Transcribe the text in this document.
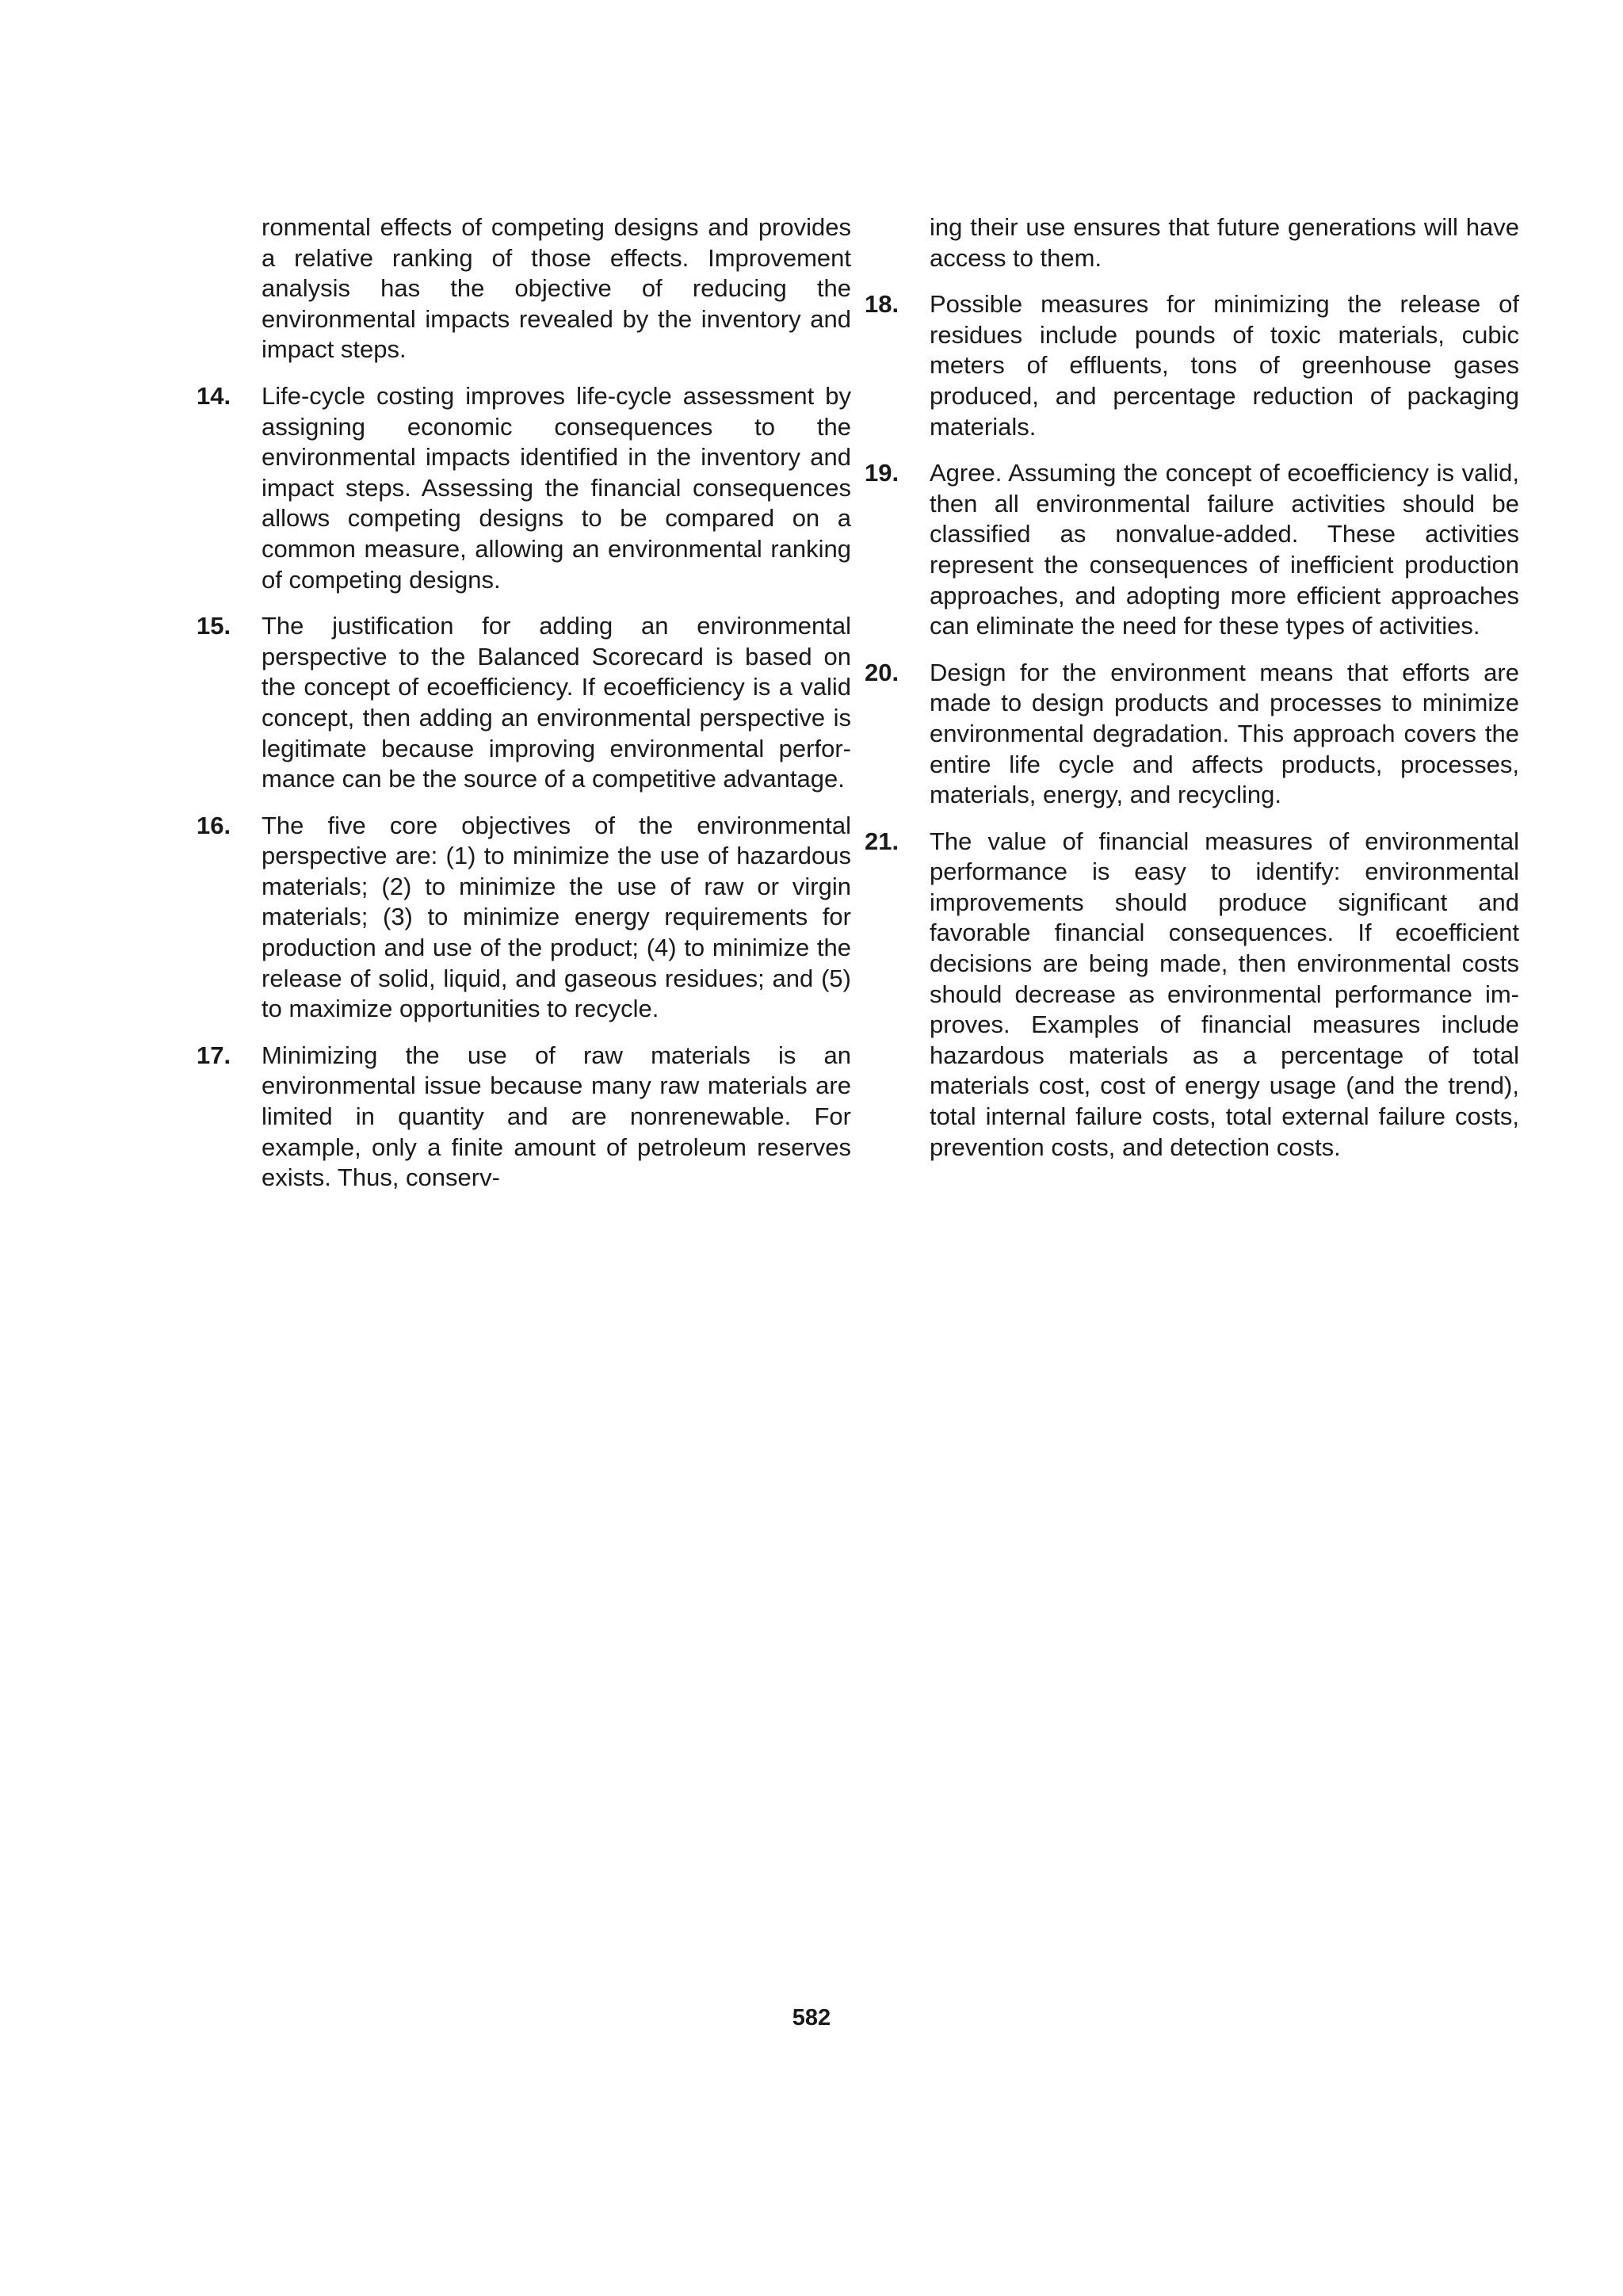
ronmental effects of competing designs and provides a relative ranking of those effects. Improvement analysis has the objective of reducing the environmental impacts revealed by the inventory and impact steps.
14.	Life-cycle costing improves life-cycle assessment by assigning economic consequences to the environmental impacts identified in the inventory and impact steps. Assessing the financial consequences allows competing designs to be compared on a common measure, allowing an environmental ranking of competing designs.
15.	The justification for adding an environmental perspective to the Balanced Scorecard is based on the concept of ecoefficiency. If ecoefficiency is a valid concept, then adding an environmental perspective is legitimate because improving environmental performance can be the source of a competitive advantage.
16.	The five core objectives of the environmental perspective are: (1) to minimize the use of hazardous materials; (2) to minimize the use of raw or virgin materials; (3) to minimize energy requirements for production and use of the product; (4) to minimize the release of solid, liquid, and gaseous residues; and (5) to maximize opportunities to recycle.
17.	Minimizing the use of raw materials is an environmental issue because many raw materials are limited in quantity and are nonrenewable. For example, only a finite amount of petroleum reserves exists. Thus, conserv-
ing their use ensures that future generations will have access to them.
18.	Possible measures for minimizing the release of residues include pounds of toxic materials, cubic meters of effluents, tons of greenhouse gases produced, and percentage reduction of packaging materials.
19.	Agree. Assuming the concept of ecoefficiency is valid, then all environmental failure activities should be classified as nonvalue-added. These activities represent the consequences of inefficient production approaches, and adopting more efficient approaches can eliminate the need for these types of activities.
20.	Design for the environment means that efforts are made to design products and processes to minimize environmental degradation. This approach covers the entire life cycle and affects products, processes, materials, energy, and recycling.
21.	The value of financial measures of environmental performance is easy to identify: environmental improvements should produce significant and favorable financial consequences. If ecoefficient decisions are being made, then environmental costs should decrease as environmental performance improves. Examples of financial measures include hazardous materials as a percentage of total materials cost, cost of energy usage (and the trend), total internal failure costs, total external failure costs, prevention costs, and detection costs.
582
